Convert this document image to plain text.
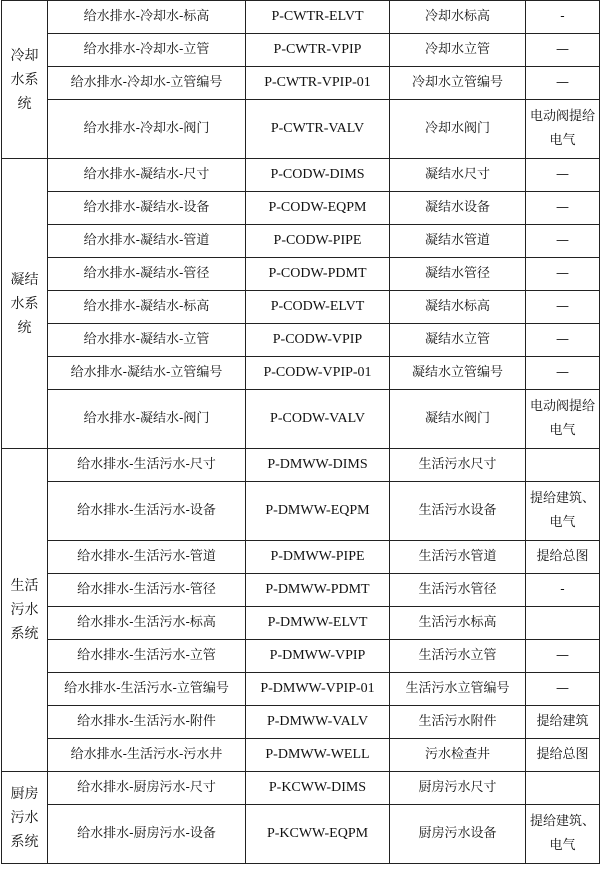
冷却水系统	给水排水-冷却水-标高	P-CWTR-ELVT	冷却水标高	-
	给水排水-冷却水-立管	P-CWTR-VPIP	冷却水立管	—
	给水排水-冷却水-立管编号	P-CWTR-VPIP-01	冷却水立管编号	—
	给水排水-冷却水-阀门	P-CWTR-VALV	冷却水阀门	电动阀提给电气
凝结水系统	给水排水-凝结水-尺寸	P-CODW-DIMS	凝结水尺寸	—
	给水排水-凝结水-设备	P-CODW-EQPM	凝结水设备	—
	给水排水-凝结水-管道	P-CODW-PIPE	凝结水管道	—
	给水排水-凝结水-管径	P-CODW-PDMT	凝结水管径	—
	给水排水-凝结水-标高	P-CODW-ELVT	凝结水标高	—
	给水排水-凝结水-立管	P-CODW-VPIP	凝结水立管	—
	给水排水-凝结水-立管编号	P-CODW-VPIP-01	凝结水立管编号	—
	给水排水-凝结水-阀门	P-CODW-VALV	凝结水阀门	电动阀提给电气
生活污水系统	给水排水-生活污水-尺寸	P-DMWW-DIMS	生活污水尺寸	
	给水排水-生活污水-设备	P-DMWW-EQPM	生活污水设备	提给建筑、电气
	给水排水-生活污水-管道	P-DMWW-PIPE	生活污水管道	提给总图
	给水排水-生活污水-管径	P-DMWW-PDMT	生活污水管径	-
	给水排水-生活污水-标高	P-DMWW-ELVT	生活污水标高	
	给水排水-生活污水-立管	P-DMWW-VPIP	生活污水立管	—
	给水排水-生活污水-立管编号	P-DMWW-VPIP-01	生活污水立管编号	—
	给水排水-生活污水-附件	P-DMWW-VALV	生活污水附件	提给建筑
	给水排水-生活污水-污水井	P-DMWW-WELL	污水检查井	提给总图
厨房污水系统	给水排水-厨房污水-尺寸	P-KCWW-DIMS	厨房污水尺寸	
	给水排水-厨房污水-设备	P-KCWW-EQPM	厨房污水设备	提给建筑、电气
